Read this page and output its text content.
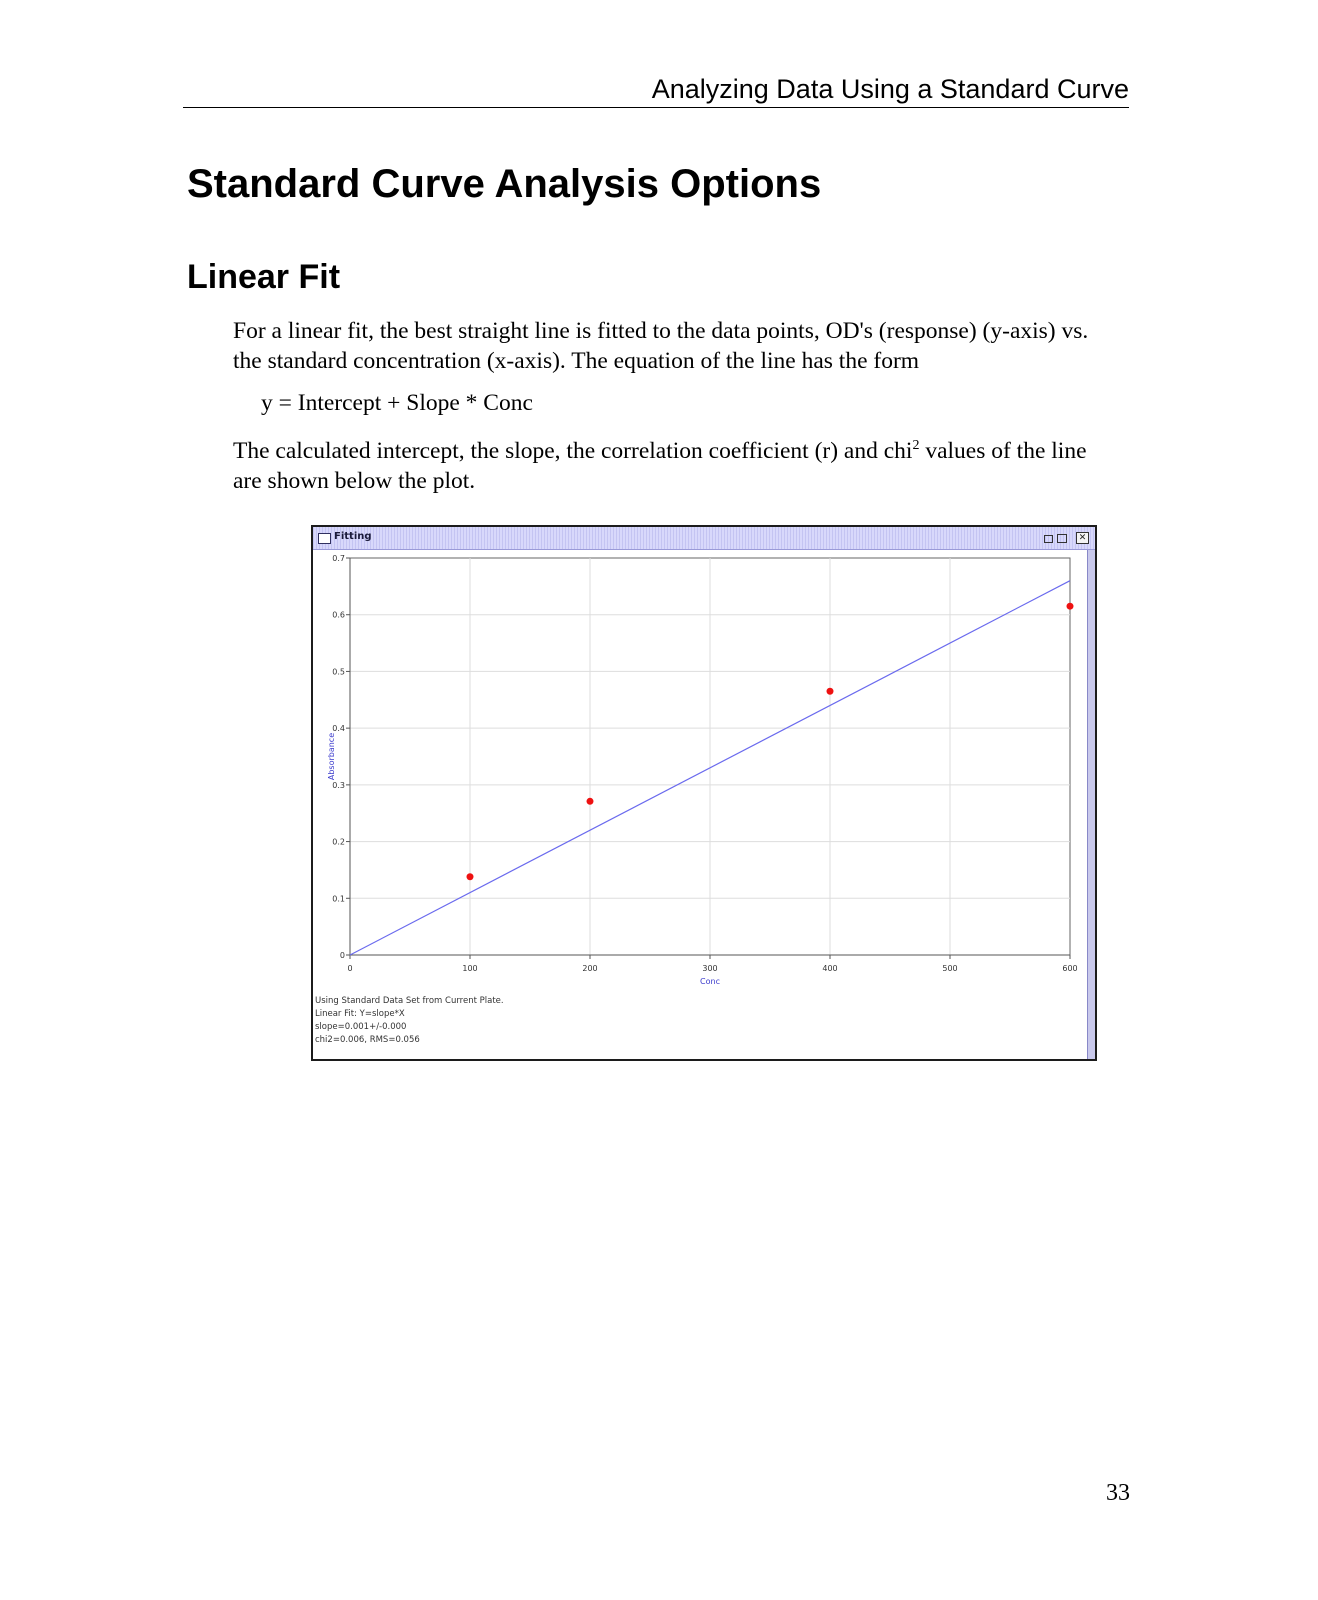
Analyzing Data Using a Standard Curve
Standard Curve Analysis Options
Linear Fit

For a linear fit, the best straight line is fitted to the data points, OD's (response) (y-axis) vs. the standard concentration (x-axis). The equation of the line has the form

y = Intercept + Slope * Conc

The calculated intercept, the slope, the correlation coefficient (r) and chi$^2$ values of the line are shown below the plot.

Fitting	✕
0	100	200	300	400	500	600
0
0.1
0.2
0.3
0.4
0.5
0.6
0.7
Conc
Absorbance
Using Standard Data Set from Current Plate.
Linear Fit: Y=slope*X
slope=0.001+/-0.000
chi2=0.006, RMS=0.056
33
